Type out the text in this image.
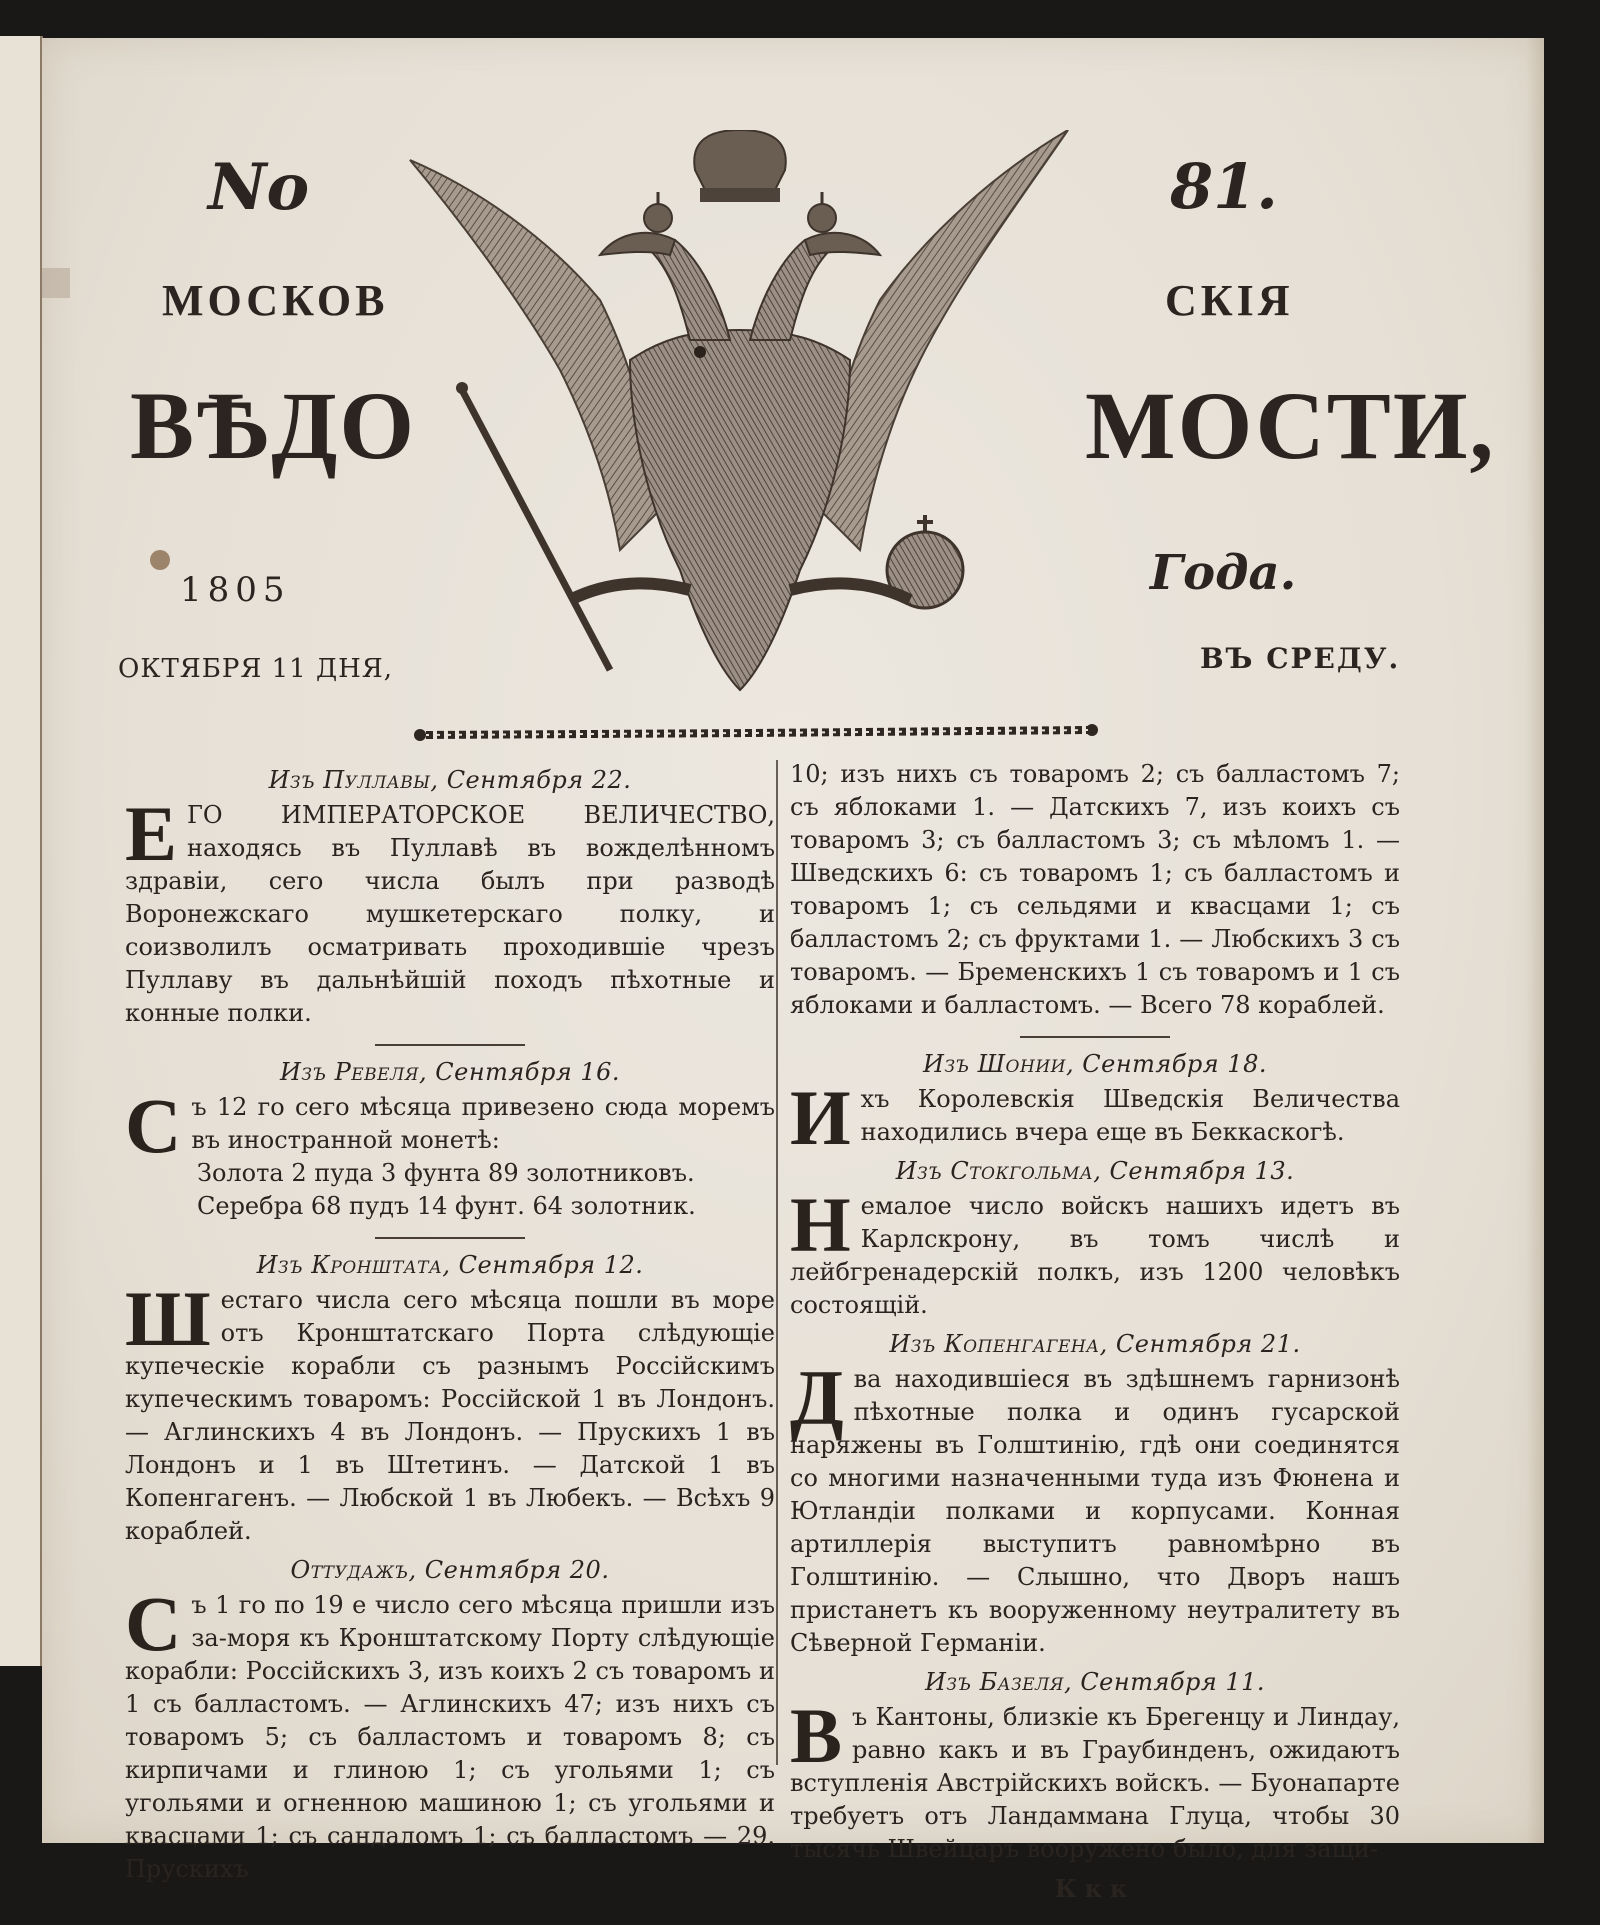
No	81.
МОСКОВ	СКІЯ
ВѢДО	МОСТИ,
1805	Года.
ОКТЯБРЯ 11 ДНЯ,	ВЪ СРЕДУ.
Изъ Пуллавы, Сентября 22.

ЕГО ИМПЕРАТОРСКОЕ ВЕЛИЧЕСТВО, находясь въ Пуллавѣ въ вожделѣнномъ здравіи, сего числа былъ при разводѣ Воронежскаго мушкетерскаго полку, и соизволилъ осматривать проходившіе чрезъ Пуллаву въ дальнѣйшій походъ пѣхотные и конные полки.

Изъ Ревеля, Сентября 16.

Съ 12 го сего мѣсяца привезено сюда моремъ въ иностранной монетѣ:
Золота 2 пуда 3 фунта 89 золотниковъ.
Серебра 68 пудъ 14 фунт. 64 золотник.

Изъ Кронштата, Сентября 12.

Шестаго числа сего мѣсяца пошли въ море отъ Кронштатскаго Порта слѣдующіе купеческіе корабли съ разнымъ Россійскимъ купеческимъ товаромъ: Россійской 1 въ Лондонъ. — Аглинскихъ 4 въ Лондонъ. — Прускихъ 1 въ Лондонъ и 1 въ Штетинъ. — Датской 1 въ Копенгагенъ. — Любской 1 въ Любекъ. — Всѣхъ 9 кораблей.

Оттудажъ, Сентября 20.

Съ 1 го по 19 е число сего мѣсяца пришли изъ за-моря къ Кронштатскому Порту слѣдующіе корабли: Россійскихъ 3, изъ коихъ 2 съ товаромъ и 1 съ балластомъ. — Аглинскихъ 47; изъ нихъ съ товаромъ 5; съ балластомъ и товаромъ 8; съ кирпичами и глиною 1; съ угольями 1; съ угольями и огненною машиною 1; съ угольями и квасцами 1; съ сандаломъ 1; съ балластомъ — 29. Прускихъ

10; изъ нихъ съ товаромъ 2; съ балластомъ 7; съ яблоками 1. — Датскихъ 7, изъ коихъ съ товаромъ 3; съ балластомъ 3; съ мѣломъ 1. — Шведскихъ 6: съ товаромъ 1; съ балластомъ и товаромъ 1; съ сельдями и квасцами 1; съ балластомъ 2; съ фруктами 1. — Любскихъ 3 съ товаромъ. — Бременскихъ 1 съ товаромъ и 1 съ яблоками и балластомъ. — Всего 78 кораблей.

Изъ Шонии, Сентября 18.

Ихъ Королевскія Шведскія Величества находились вчера еще въ Беккаскогѣ.

Изъ Стокгольма, Сентября 13.

Немалое число войскъ нашихъ идетъ въ Карлскрону, въ томъ числѣ и лейбгренадерскій полкъ, изъ 1200 человѣкъ состоящій.

Изъ Копенгагена, Сентября 21.

Два находившіеся въ здѣшнемъ гарнизонѣ пѣхотные полка и одинъ гусарской наряжены въ Голштинію, гдѣ они соединятся со многими назначенными туда изъ Фюнена и Ютландіи полками и корпусами. Конная артиллерія выступитъ равномѣрно въ Голштинію. — Слышно, что Дворъ нашъ пристанетъ къ вооруженному неутралитету въ Сѣверной Германіи.

Изъ Базеля, Сентября 11.

Въ Кантоны, близкіе къ Брегенцу и Линдау, равно какъ и въ Граубинденъ, ожидаютъ вступленія Австрійскихъ войскъ. — Буонапарте требуетъ отъ Ландаммана Глуца, чтобы 30 тысячь Швейцаръ вооружено было, для защи-

Ккк
